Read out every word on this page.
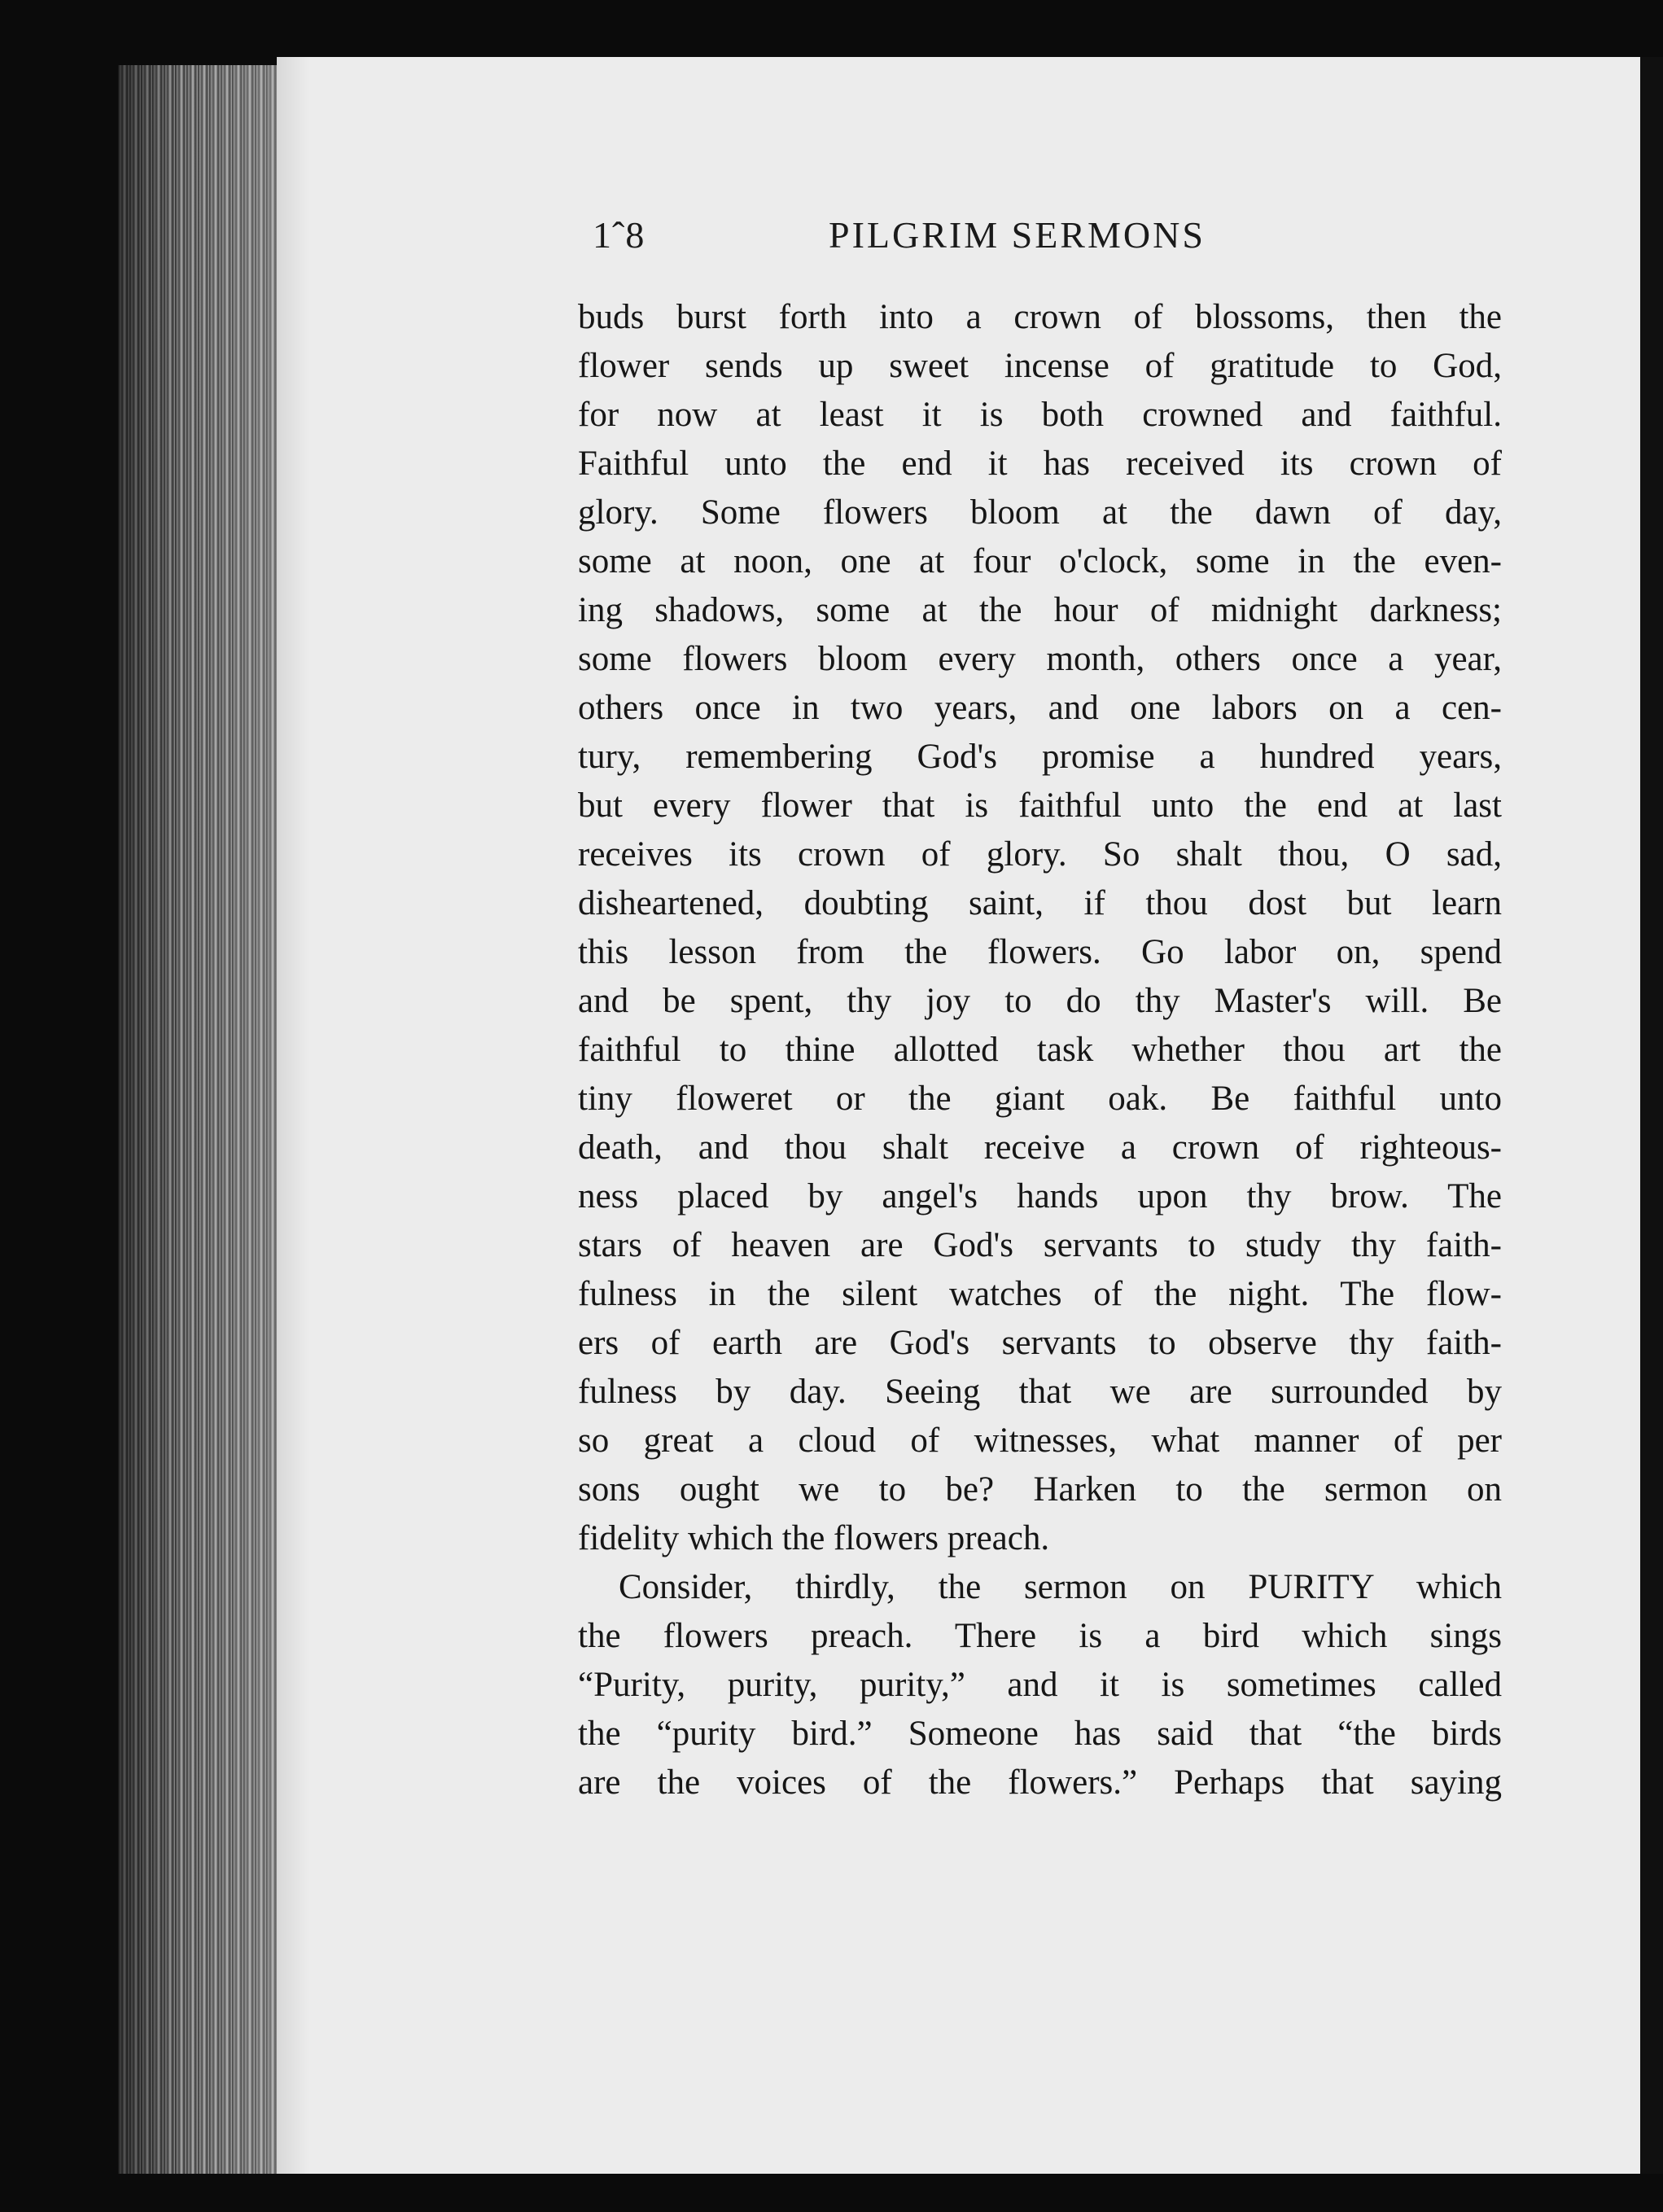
1ˆ8	PILGRIM SERMONS
buds burst forth into a crown of blossoms, then the
flower sends up sweet incense of gratitude to God,
for now at least it is both crowned and faithful.
Faithful unto the end it has received its crown of
glory. Some flowers bloom at the dawn of day,
some at noon, one at four o'clock, some in the even-
ing shadows, some at the hour of midnight darkness;
some flowers bloom every month, others once a year,
others once in two years, and one labors on a cen-
tury, remembering God's promise a hundred years,
but every flower that is faithful unto the end at last
receives its crown of glory. So shalt thou, O sad,
disheartened, doubting saint, if thou dost but learn
this lesson from the flowers. Go labor on, spend
and be spent, thy joy to do thy Master's will. Be
faithful to thine allotted task whether thou art the
tiny floweret or the giant oak. Be faithful unto
death, and thou shalt receive a crown of righteous-
ness placed by angel's hands upon thy brow. The
stars of heaven are God's servants to study thy faith-
fulness in the silent watches of the night. The flow-
ers of earth are God's servants to observe thy faith-
fulness by day. Seeing that we are surrounded by
so great a cloud of witnesses, what manner of per
sons ought we to be? Harken to the sermon on
fidelity which the flowers preach.
Consider, thirdly, the sermon on PURITY which
the flowers preach. There is a bird which sings
“Purity, purity, purity,” and it is sometimes called
the “purity bird.” Someone has said that “the birds
are the voices of the flowers.” Perhaps that saying
